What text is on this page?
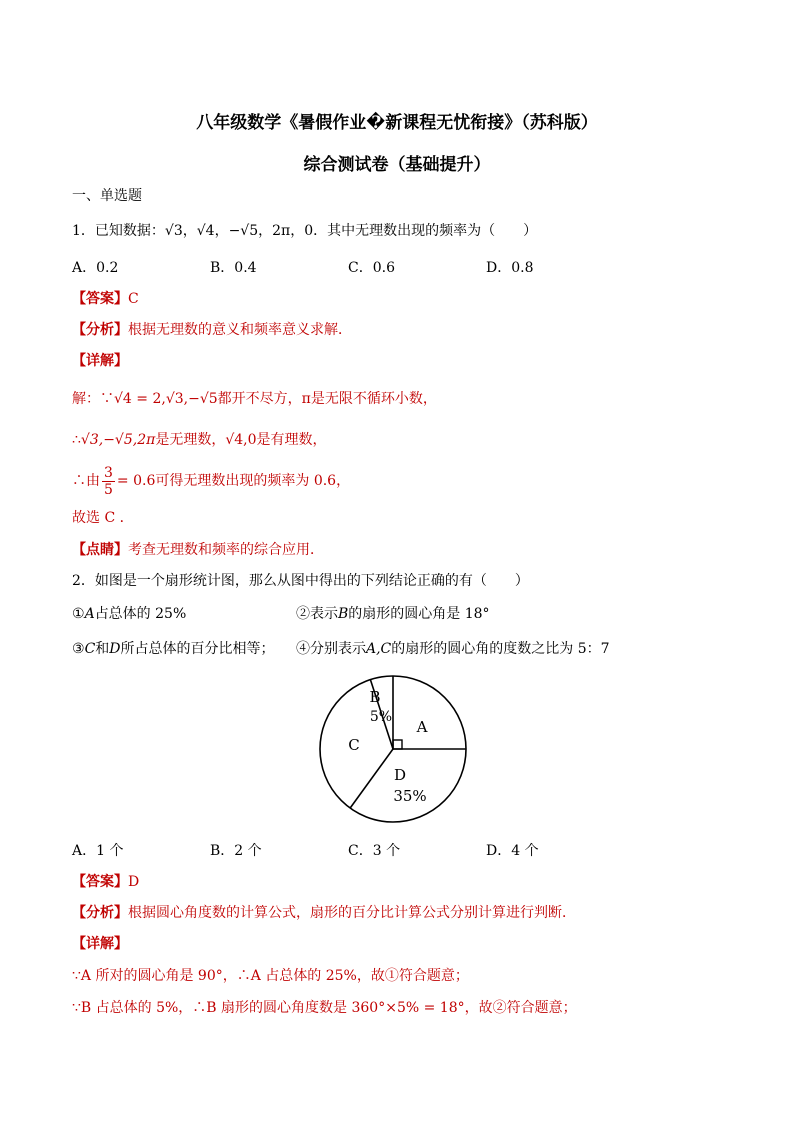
八年级数学《暑假作业�新课程无忧衔接》（苏科版）
综合测试卷（基础提升）
一、单选题
1．已知数据：√3，√4，−√5，2π，0．其中无理数出现的频率为（　　）
A．0.2	B．0.4	C．0.6	D．0.8
【答案】C
【分析】根据无理数的意义和频率意义求解．
【详解】
解：∵√4 = 2,√3,−√5都开不尽方，π是无限不循环小数，
∴√3,−√5,2π是无理数，√4,0是有理数，
∴由 $\frac{3}{5} = 0.6$可得无理数出现的频率为 0.6，
故选 C ．
【点睛】考查无理数和频率的综合应用．
2．如图是一个扇形统计图，那么从图中得出的下列结论正确的有（　　）
①A占总体的 25%	②表示B的扇形的圆心角是 18°
③C和D所占总体的百分比相等； ④分别表示A,C的扇形的圆心角的度数之比为 5：7
A
B
5%
C
D
35%
A．1 个	B．2 个	C．3 个	D．4 个
【答案】D
【分析】根据圆心角度数的计算公式，扇形的百分比计算公式分别计算进行判断．
【详解】
∵A 所对的圆心角是 90°，∴A 占总体的 25%，故①符合题意；
∵B 占总体的 5%，∴B 扇形的圆心角度数是 360°×5% = 18°，故②符合题意；
